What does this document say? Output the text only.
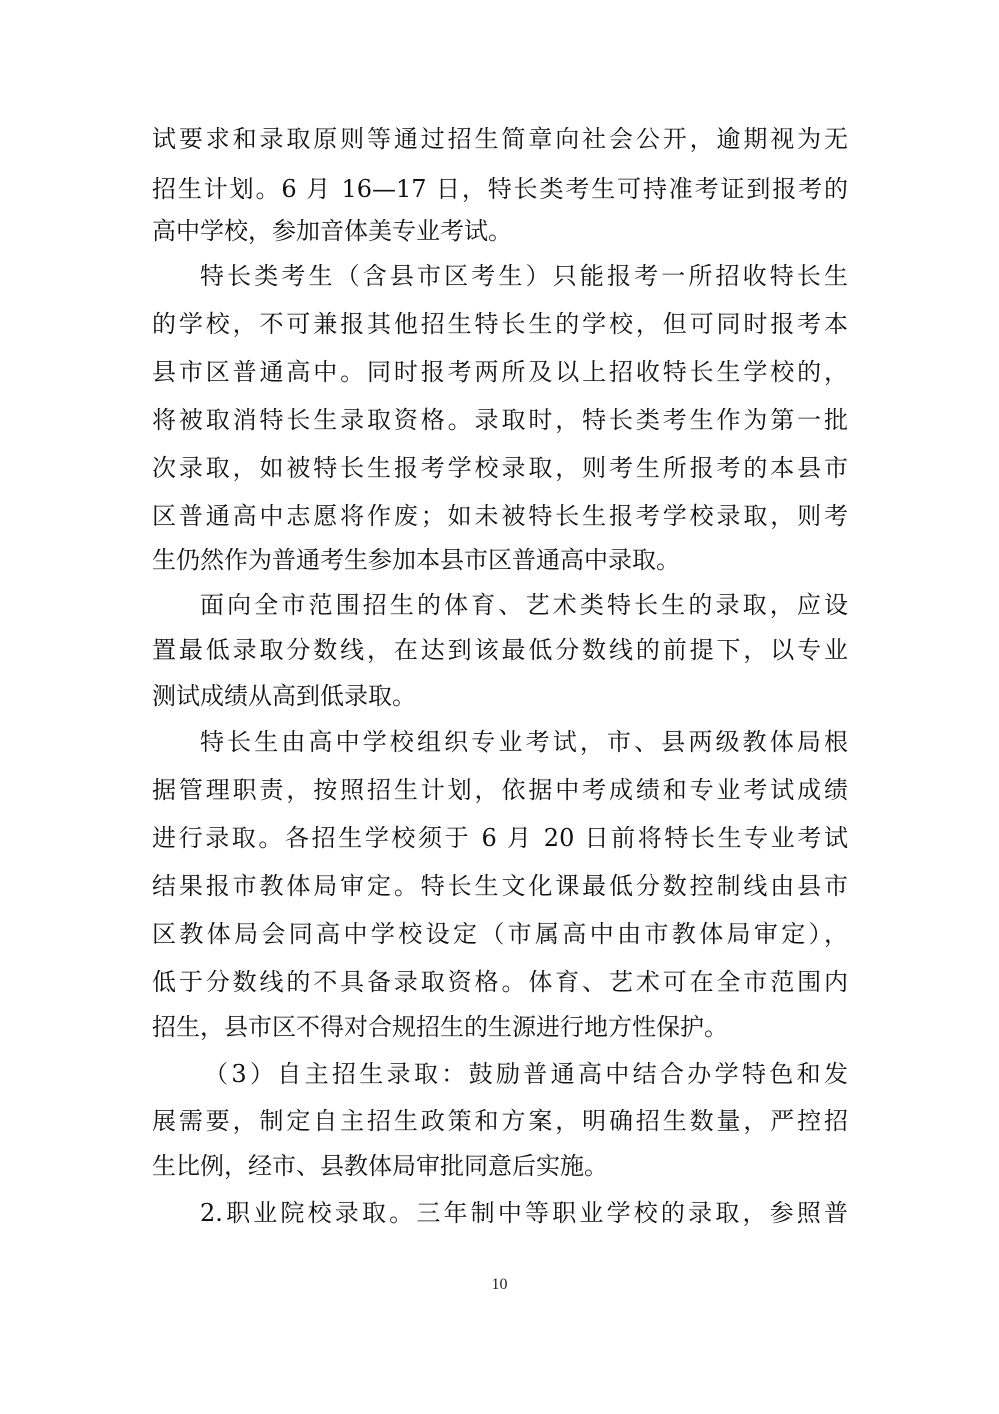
试要求和录取原则等通过招生简章向社会公开，逾期视为无
招生计划。6 月 16—17 日，特长类考生可持准考证到报考的
高中学校，参加音体美专业考试。
特长类考生（含县市区考生）只能报考一所招收特长生
的学校，不可兼报其他招生特长生的学校，但可同时报考本
县市区普通高中。同时报考两所及以上招收特长生学校的，
将被取消特长生录取资格。录取时，特长类考生作为第一批
次录取，如被特长生报考学校录取，则考生所报考的本县市
区普通高中志愿将作废；如未被特长生报考学校录取，则考
生仍然作为普通考生参加本县市区普通高中录取。
面向全市范围招生的体育、艺术类特长生的录取，应设
置最低录取分数线，在达到该最低分数线的前提下，以专业
测试成绩从高到低录取。
特长生由高中学校组织专业考试，市、县两级教体局根
据管理职责，按照招生计划，依据中考成绩和专业考试成绩
进行录取。各招生学校须于 6 月 20 日前将特长生专业考试
结果报市教体局审定。特长生文化课最低分数控制线由县市
区教体局会同高中学校设定（市属高中由市教体局审定），
低于分数线的不具备录取资格。体育、艺术可在全市范围内
招生，县市区不得对合规招生的生源进行地方性保护。
（3）自主招生录取：鼓励普通高中结合办学特色和发
展需要，制定自主招生政策和方案，明确招生数量，严控招
生比例，经市、县教体局审批同意后实施。
2.职业院校录取。三年制中等职业学校的录取，参照普
10
